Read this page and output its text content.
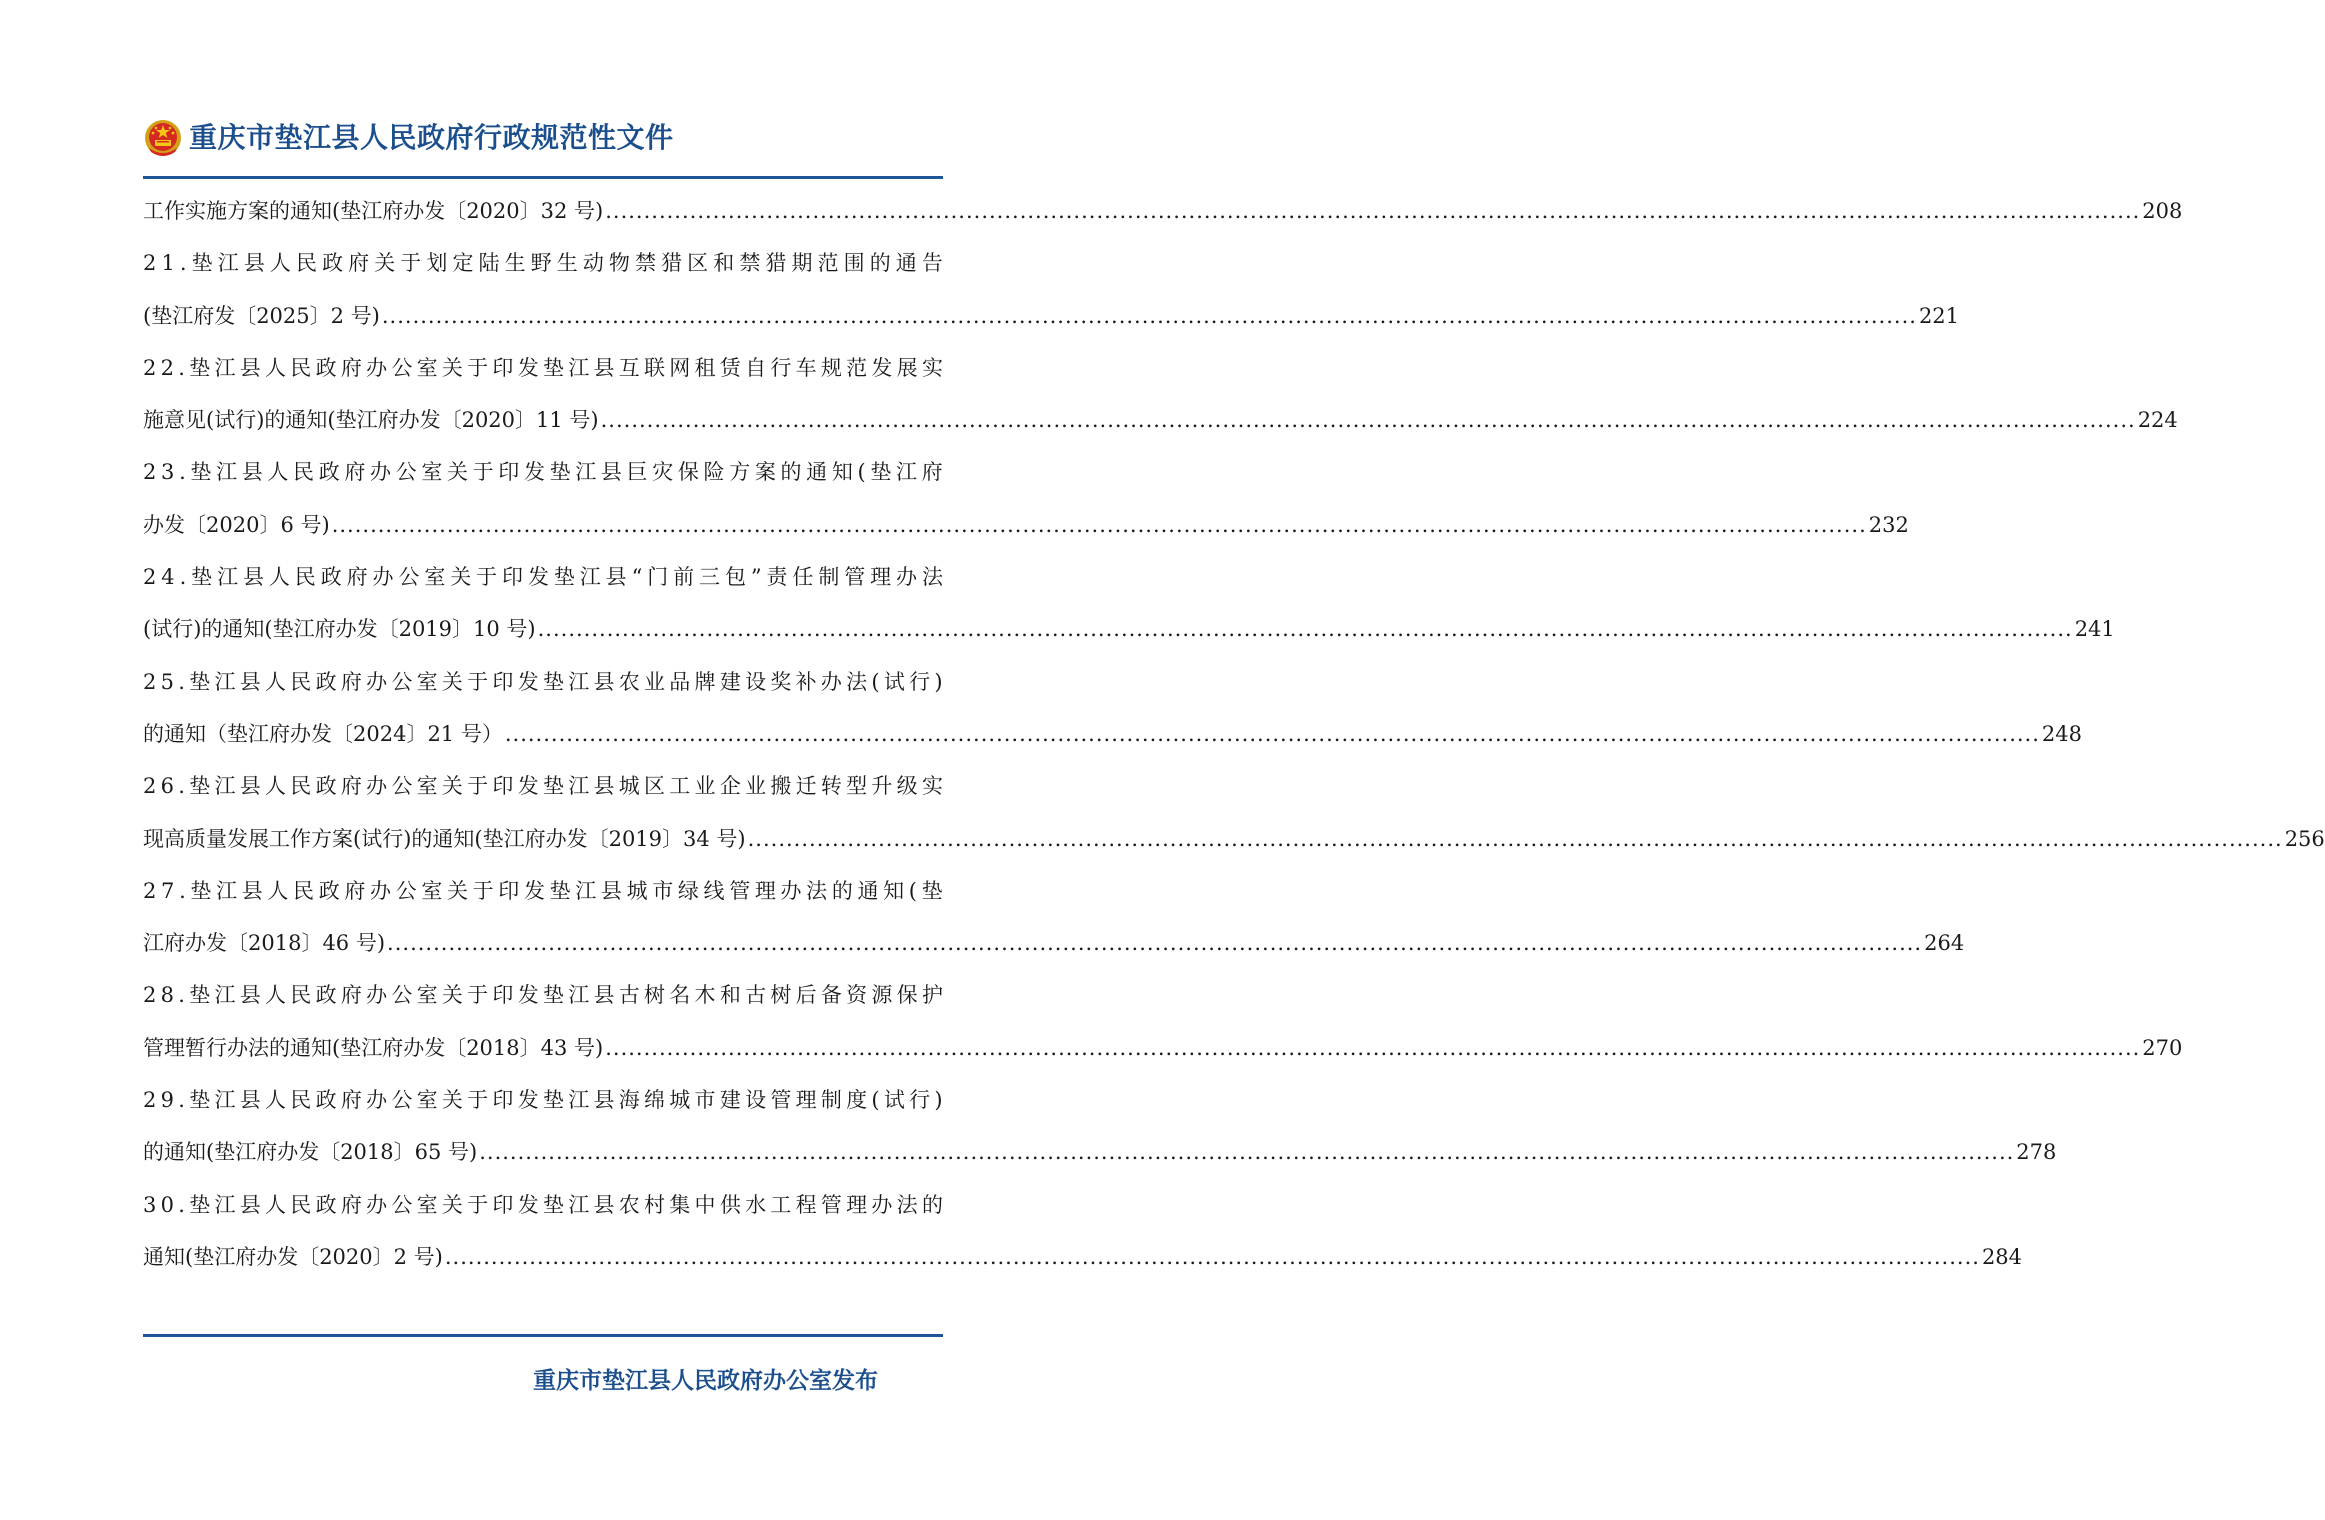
重庆市垫江县人民政府行政规范性文件
工作实施方案的通知(垫江府办发〔2020〕32 号) ........................................................................................................................................................................................................ 208
2 1 . 垫 江 县 人 民 政 府 关 于 划 定 陆 生 野 生 动 物 禁 猎 区 和 禁 猎 期 范 围 的 通 告
(垫江府发〔2025〕2 号) ........................................................................................................................................................................................................ 221
2 2 . 垫 江 县 人 民 政 府 办 公 室 关 于 印 发 垫 江 县 互 联 网 租 赁 自 行 车 规 范 发 展 实
施意见(试行)的通知(垫江府办发〔2020〕11 号) ........................................................................................................................................................................................................ 224
2 3 . 垫 江 县 人 民 政 府 办 公 室 关 于 印 发 垫 江 县 巨 灾 保 险 方 案 的 通 知 ( 垫 江 府
办发〔2020〕6 号) ........................................................................................................................................................................................................ 232
2 4 . 垫 江 县 人 民 政 府 办 公 室 关 于 印 发 垫 江 县 “ 门 前 三 包 ” 责 任 制 管 理 办 法
(试行)的通知(垫江府办发〔2019〕10 号) ........................................................................................................................................................................................................ 241
2 5 . 垫 江 县 人 民 政 府 办 公 室 关 于 印 发 垫 江 县 农 业 品 牌 建 设 奖 补 办 法 ( 试 行 )
的通知（垫江府办发〔2024〕21 号） ........................................................................................................................................................................................................ 248
2 6 . 垫 江 县 人 民 政 府 办 公 室 关 于 印 发 垫 江 县 城 区 工 业 企 业 搬 迁 转 型 升 级 实
现高质量发展工作方案(试行)的通知(垫江府办发〔2019〕34 号) ........................................................................................................................................................................................................ 256
2 7 . 垫 江 县 人 民 政 府 办 公 室 关 于 印 发 垫 江 县 城 市 绿 线 管 理 办 法 的 通 知 ( 垫
江府办发〔2018〕46 号) ........................................................................................................................................................................................................ 264
2 8 . 垫 江 县 人 民 政 府 办 公 室 关 于 印 发 垫 江 县 古 树 名 木 和 古 树 后 备 资 源 保 护
管理暂行办法的通知(垫江府办发〔2018〕43 号) ........................................................................................................................................................................................................ 270
2 9 . 垫 江 县 人 民 政 府 办 公 室 关 于 印 发 垫 江 县 海 绵 城 市 建 设 管 理 制 度 ( 试 行 )
的通知(垫江府办发〔2018〕65 号) ........................................................................................................................................................................................................ 278
3 0 . 垫 江 县 人 民 政 府 办 公 室 关 于 印 发 垫 江 县 农 村 集 中 供 水 工 程 管 理 办 法 的
通知(垫江府办发〔2020〕2 号) ........................................................................................................................................................................................................ 284
重庆市垫江县人民政府办公室发布
